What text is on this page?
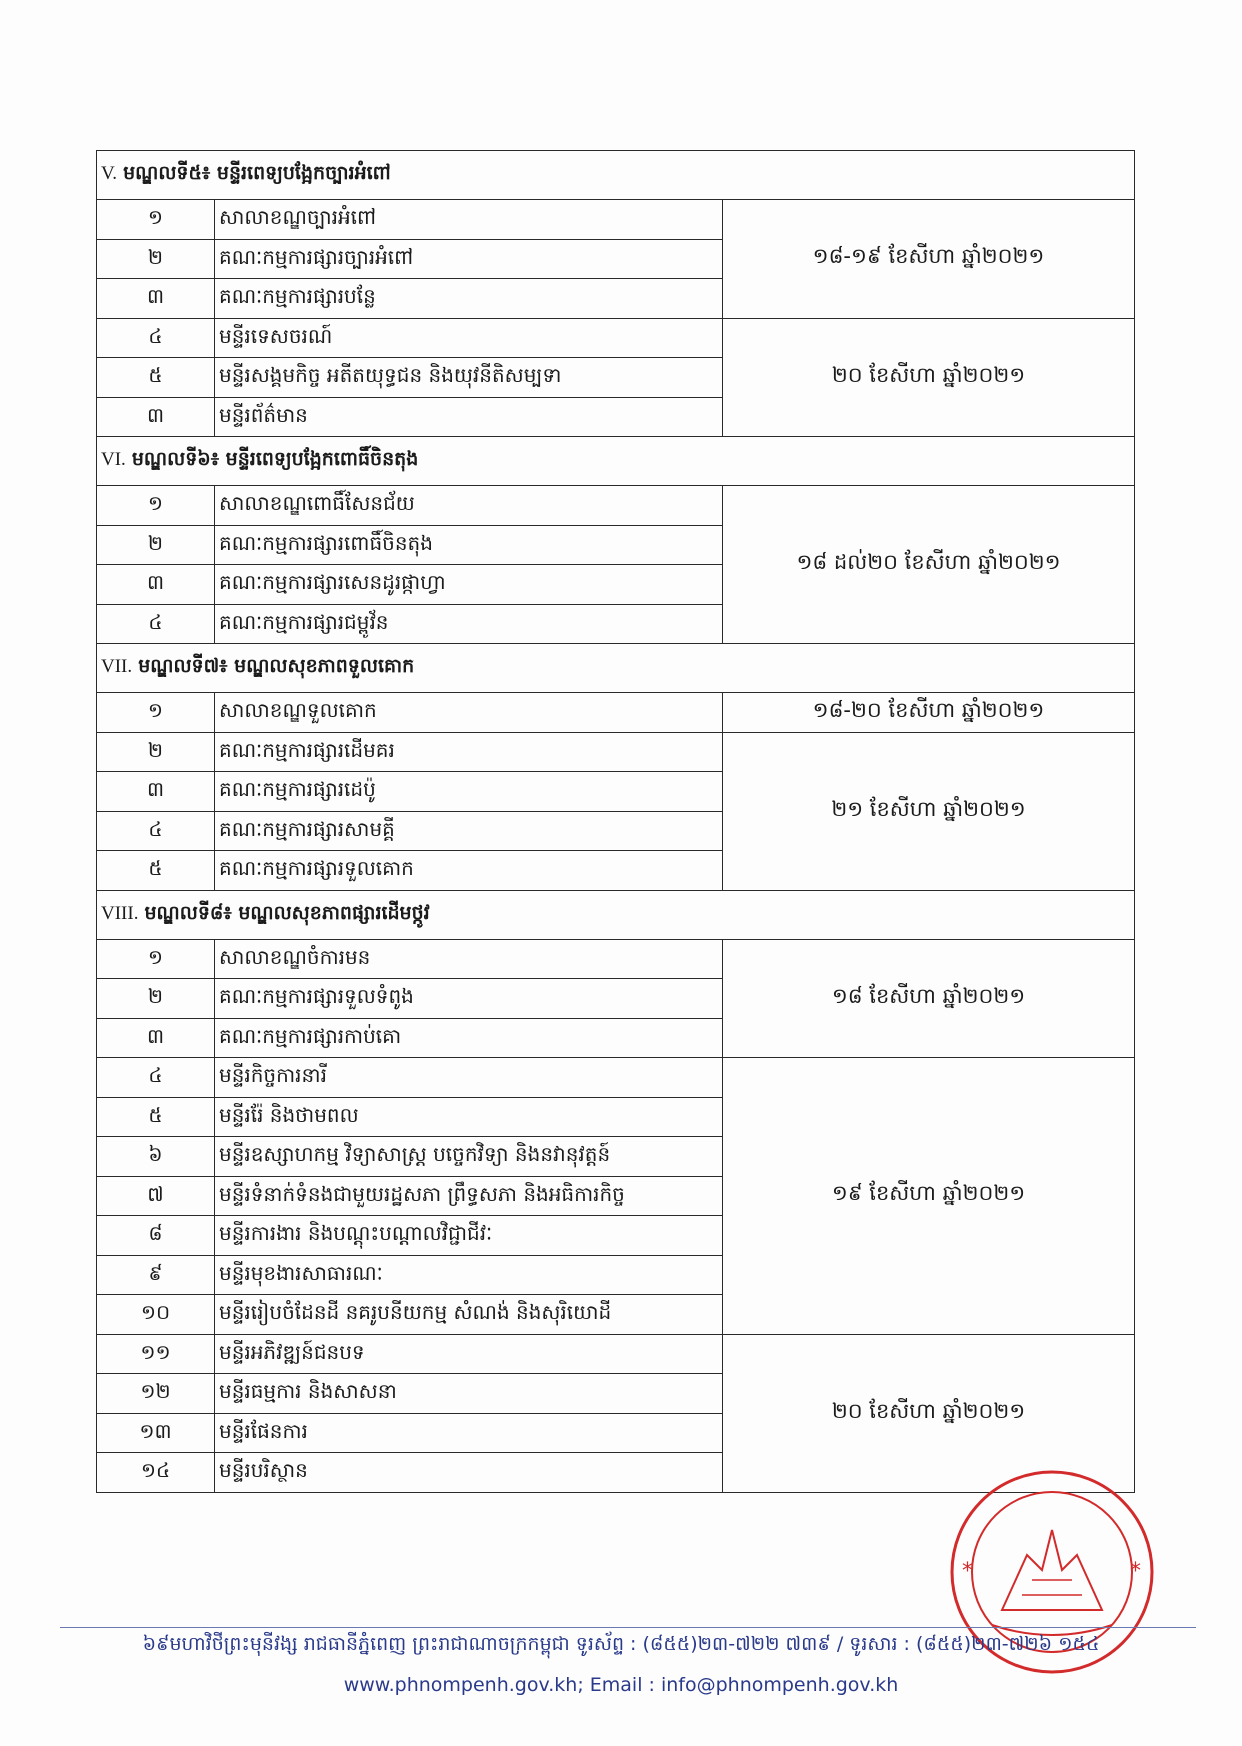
V. មណ្ឌលទី៥៖ មន្ទីរពេទ្យបង្អែកច្បារអំពៅ		
១	សាលាខណ្ឌច្បារអំពៅ	១៨-១៩ ខែសីហា ឆ្នាំ២០២១
២	គណៈកម្មការផ្សារច្បារអំពៅ	
៣	គណៈកម្មការផ្សារបន្លែ	
៤	មន្ទីរទេសចរណ៍	២០ ខែសីហា ឆ្នាំ២០២១
៥	មន្ទីរសង្គមកិច្ច អតីតយុទ្ធជន និងយុវនីតិសម្បទា	
៣	មន្ទីរព័ត៌មាន	
VI. មណ្ឌលទី៦៖ មន្ទីរពេទ្យបង្អែកពោធិ៍ចិនតុង		
១	សាលាខណ្ឌពោធិ៍សែនជ័យ	១៨ ដល់២០ ខែសីហា ឆ្នាំ២០២១
២	គណៈកម្មការផ្សារពោធិ៍ចិនតុង	
៣	គណៈកម្មការផ្សារសេនដូរផ្កាហ្វា	
៤	គណៈកម្មការផ្សារជម្ពូវ័ន	
VII. មណ្ឌលទី៧៖ មណ្ឌលសុខភាពទួលគោក		
១	សាលាខណ្ឌទួលគោក	១៨-២០ ខែសីហា ឆ្នាំ២០២១
២	គណៈកម្មការផ្សារដើមគរ	២១ ខែសីហា ឆ្នាំ២០២១
៣	គណៈកម្មការផ្សារដេប៉ូ	
៤	គណៈកម្មការផ្សារសាមគ្គី	
៥	គណៈកម្មការផ្សារទួលគោក	
VIII. មណ្ឌលទី៨៖ មណ្ឌលសុខភាពផ្សារដើមថ្កូវ		
១	សាលាខណ្ឌចំការមន	១៨ ខែសីហា ឆ្នាំ២០២១
២	គណៈកម្មការផ្សារទួលទំពូង	
៣	គណៈកម្មការផ្សារកាប់គោ	
៤	មន្ទីរកិច្ចការនារី	១៩ ខែសីហា ឆ្នាំ២០២១
៥	មន្ទីររ៉ែ និងថាមពល	
៦	មន្ទីរឧស្សាហកម្ម វិទ្យាសាស្ត្រ បច្ចេកវិទ្យា និងនវានុវត្តន៍	
៧	មន្ទីរទំនាក់ទំនងជាមួយរដ្ឋសភា ព្រឹទ្ធសភា និងអធិការកិច្ច	
៨	មន្ទីរការងារ និងបណ្តុះបណ្តាលវិជ្ជាជីវៈ	
៩	មន្ទីរមុខងារសាធារណៈ	
១០	មន្ទីររៀបចំដែនដី នគរូបនីយកម្ម សំណង់ និងសុរិយោដី	
១១	មន្ទីរអភិវឌ្ឍន៍ជនបទ	២០ ខែសីហា ឆ្នាំ២០២១
១២	មន្ទីរធម្មការ និងសាសនា	
១៣	មន្ទីរផែនការ	
១៤	មន្ទីរបរិស្ថាន	
*	*
៦៩មហាវិថីព្រះមុនីវង្ស រាជធានីភ្នំពេញ ព្រះរាជាណាចក្រកម្ពុជា ទូរស័ព្ទ : (៨៥៥)២៣-៧២២ ៧៣៩ / ទូរសារ : (៨៥៥)២៣-៧២៦ ១៥៤
www.phnompenh.gov.kh; Email : info@phnompenh.gov.kh
